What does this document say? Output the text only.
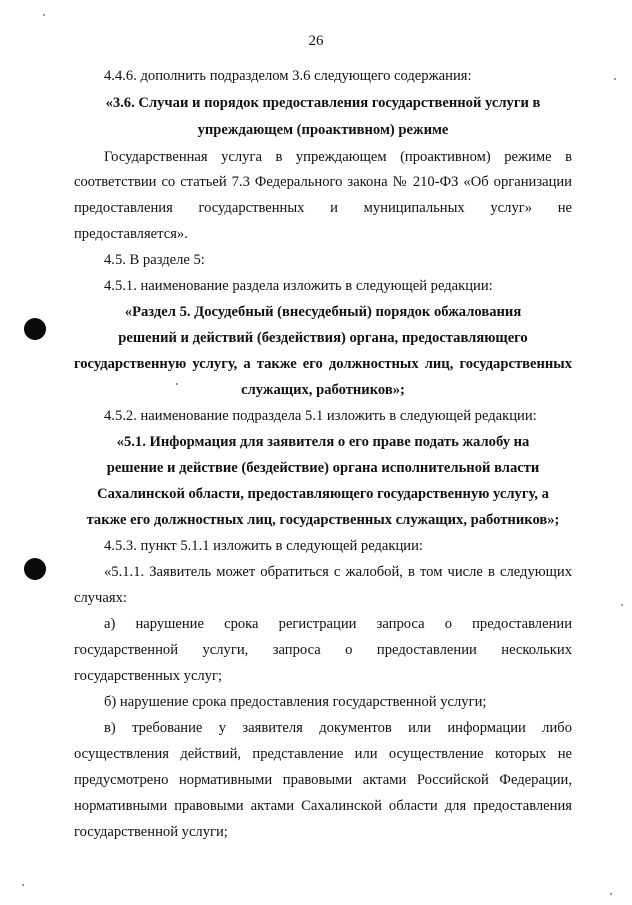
26
4.4.6. дополнить подразделом 3.6 следующего содержания:
«3.6. Случаи и порядок предоставления государственной услуги в
упреждающем (проактивном) режиме
Государственная услуга в упреждающем (проактивном) режиме в
соответствии со статьей 7.3 Федерального закона № 210-ФЗ «Об организации
предоставления государственных и муниципальных услуг» не
предоставляется».
4.5. В разделе 5:
4.5.1. наименование раздела изложить в следующей редакции:
«Раздел 5. Досудебный (внесудебный) порядок обжалования
решений и действий (бездействия) органа, предоставляющего
государственную услугу, а также его должностных лиц, государственных
служащих, работников»;
4.5.2. наименование подраздела 5.1 изложить в следующей редакции:
«5.1. Информация для заявителя о его праве подать жалобу на
решение и действие (бездействие) органа исполнительной власти
Сахалинской области, предоставляющего государственную услугу, а
также его должностных лиц, государственных служащих, работников»;
4.5.3. пункт 5.1.1 изложить в следующей редакции:
«5.1.1. Заявитель может обратиться с жалобой, в том числе в следующих
случаях:
а) нарушение срока регистрации запроса о предоставлении
государственной услуги, запроса о предоставлении нескольких
государственных услуг;
б) нарушение срока предоставления государственной услуги;
в) требование у заявителя документов или информации либо
осуществления действий, представление или осуществление которых не
предусмотрено нормативными правовыми актами Российской Федерации,
нормативными правовыми актами Сахалинской области для предоставления
государственной услуги;
